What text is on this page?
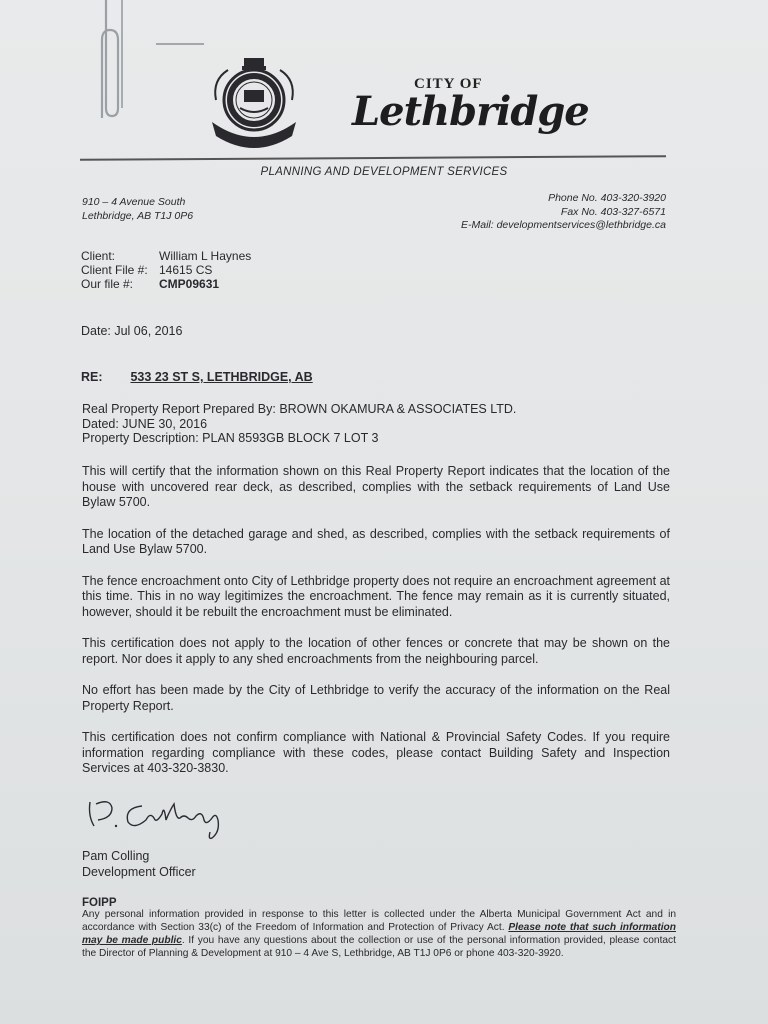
CITY OF
Lethbridge
PLANNING AND DEVELOPMENT SERVICES
910 – 4 Avenue South
Lethbridge, AB T1J 0P6
Phone No. 403-320-3920
Fax No. 403-327-6571
E-Mail: developmentservices@lethbridge.ca
Client:	William L Haynes
Client File #: 14615 CS
Our file #:	CMP09631
Date: Jul 06, 2016
RE: 533 23 ST S, LETHBRIDGE, AB
Real Property Report Prepared By: BROWN OKAMURA & ASSOCIATES LTD.
Dated: JUNE 30, 2016
Property Description: PLAN 8593GB BLOCK 7 LOT 3

This will certify that the information shown on this Real Property Report indicates that the location of the house with uncovered rear deck, as described, complies with the setback requirements of Land Use Bylaw 5700.

The location of the detached garage and shed, as described, complies with the setback requirements of Land Use Bylaw 5700.

The fence encroachment onto City of Lethbridge property does not require an encroachment agreement at this time. This in no way legitimizes the encroachment. The fence may remain as it is currently situated, however, should it be rebuilt the encroachment must be eliminated.

This certification does not apply to the location of other fences or concrete that may be shown on the report. Nor does it apply to any shed encroachments from the neighbouring parcel.

No effort has been made by the City of Lethbridge to verify the accuracy of the information on the Real Property Report.

This certification does not confirm compliance with National & Provincial Safety Codes. If you require information regarding compliance with these codes, please contact Building Safety and Inspection Services at 403-320-3830.

Pam Colling
Development Officer
FOIPP
Any personal information provided in response to this letter is collected under the Alberta Municipal Government Act and in accordance with Section 33(c) of the Freedom of Information and Protection of Privacy Act. Please note that such information may be made public. If you have any questions about the collection or use of the personal information provided, please contact the Director of Planning & Development at 910 – 4 Ave S, Lethbridge, AB T1J 0P6 or phone 403-320-3920.
